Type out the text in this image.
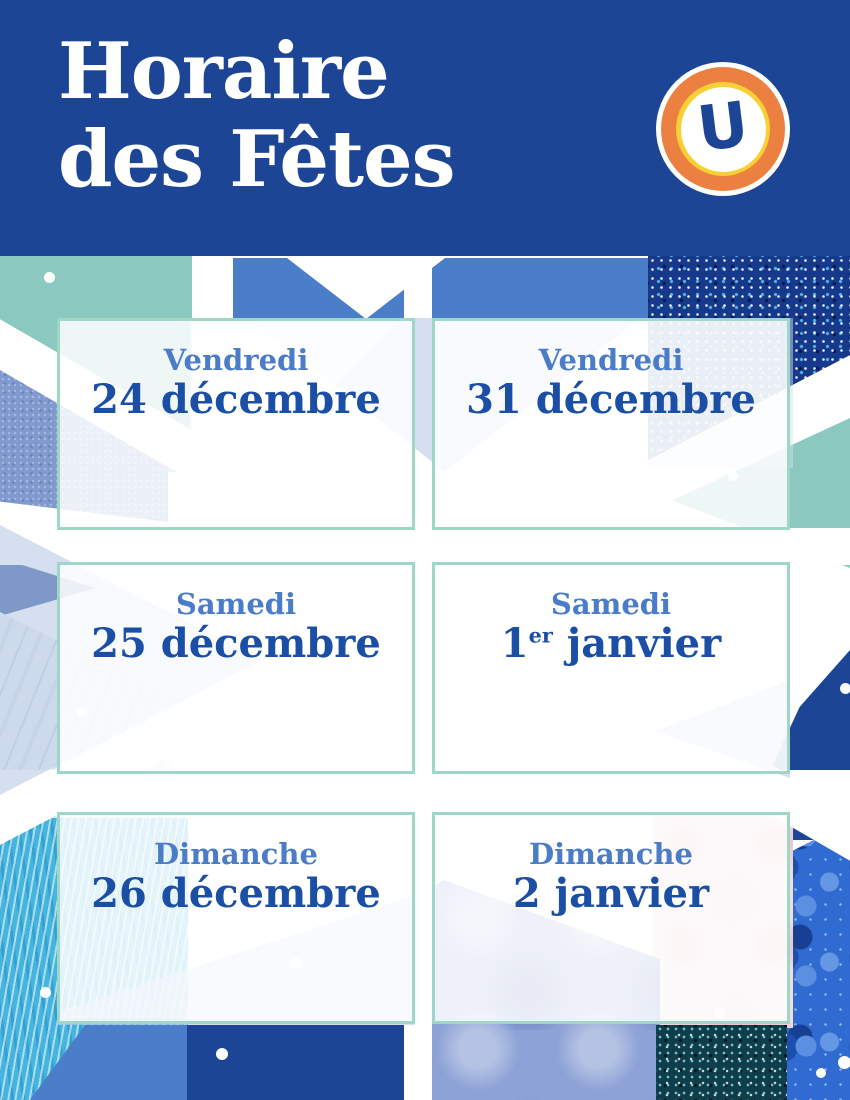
Horaire
des Fêtes	U
Vendredi
24 décembre
Vendredi
31 décembre
Samedi
25 décembre
Samedi
1er janvier
Dimanche
26 décembre
Dimanche
2 janvier
